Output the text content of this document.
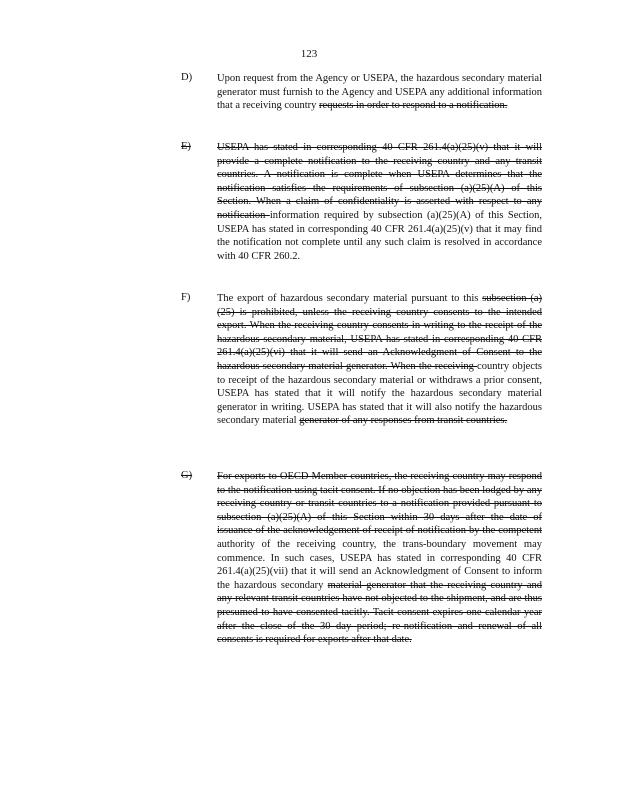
123
D) Upon request from the Agency or USEPA, the hazardous secondary material generator must furnish to the Agency and USEPA any additional information that a receiving country requests in order to respond to a notification.
E) USEPA has stated in corresponding 40 CFR 261.4(a)(25)(v) that it will provide a complete notification to the receiving country and any transit countries. A notification is complete when USEPA determines that the notification satisfies the requirements of subsection (a)(25)(A) of this Section. When a claim of confidentiality is asserted with respect to any notification information required by subsection (a)(25)(A) of this Section, USEPA has stated in corresponding 40 CFR 261.4(a)(25)(v) that it may find the notification not complete until any such claim is resolved in accordance with 40 CFR 260.2.
F)	The export of hazardous secondary material pursuant to this subsection (a)(25) is prohibited, unless the receiving country consents to the intended export. When the receiving country consents in writing to the receipt of the hazardous secondary material, USEPA has stated in corresponding 40 CFR 261.4(a)(25)(vi) that it will send an Acknowledgment of Consent to the hazardous secondary material generator. When the receiving country objects to receipt of the hazardous secondary material or withdraws a prior consent, USEPA has stated that it will notify the hazardous secondary material generator in writing. USEPA has stated that it will also notify the hazardous secondary material generator of any responses from transit countries.
G) For exports to OECD Member countries, the receiving country may respond to the notification using tacit consent. If no objection has been lodged by any receiving country or transit countries to a notification provided pursuant to subsection (a)(25)(A) of this Section within 30 days after the date of issuance of the acknowledgement of receipt of notification by the competent authority of the receiving country, the trans-boundary movement may commence. In such cases, USEPA has stated in corresponding 40 CFR 261.4(a)(25)(vii) that it will send an Acknowledgment of Consent to inform the hazardous secondary material generator that the receiving country and any relevant transit countries have not objected to the shipment, and are thus presumed to have consented tacitly. Tacit consent expires one calendar year after the close of the 30 day period; re-notification and renewal of all consents is required for exports after that date.
